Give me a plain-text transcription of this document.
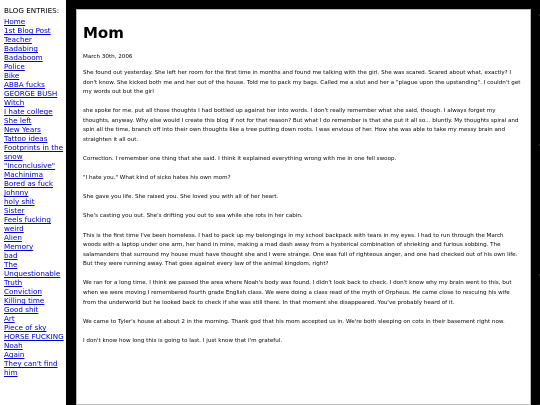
BLOG ENTRIES:
Home
1st Blog Post
Teacher
Badabing
Badaboom
Police
Bike
ABBA fucks
GEORGE BUSH
Witch
I hate college
She left
New Years
Tattoo ideas
Footprints in the snow
"Inconclusive"
Machinima
Bored as fuck
Johnny
holy shit
Sister
Feels fucking weird
Alien
Memory
bad
The Unquestionable Truth
Conviction
Killing time
Good shit
Art
Piece of sky
HORSE FUCKING
Noah
Again
They can't find him
Mom
March 30th, 2006

She found out yesterday. She left her room for the first time in months and found me talking with the girl. She was scared. Scared about what, exactly? I don't know. She kicked both me and her out of the house. Told me to pack my bags. Called me a slut and her a "plague upon the upstanding". I couldn't get my words out but the girl

she spoke for me. put all those thoughts I had bottled up against her into words. I don't really remember what she said, though. I always forget my thoughts, anyway. Why else would I create this blog if not for that reason? But what I do remember is that she put it all so... bluntly. My thoughts spiral and spin all the time, branch off into their own thoughts like a tree putting down roots. I was envious of her. How she was able to take my messy brain and straighten it all out.

Correction. I remember one thing that she said. I think it explained everything wrong with me in one fell swoop.

"I hate you." What kind of sicko hates his own mom?

She gave you life. She raised you. She loved you with all of her heart.

She's casting you out. She's drifting you out to sea while she rots in her cabin.

This is the first time I've been homeless. I had to pack up my belongings in my school backpack with tears in my eyes. I had to run through the March woods with a laptop under one arm, her hand in mine, making a mad dash away from a hysterical combination of shrieking and furious sobbing. The salamanders that surround my house must have thought she and I were strange. One was full of righteous anger, and one had checked out of his own life. But they were running away. That goes against every law of the animal kingdom, right?

We ran for a long time. I think we passed the area where Noah's body was found. I didn't look back to check. I don't know why my brain went to this, but when we were moving I remembered fourth grade English class. We were doing a class read of the myth of Orpheus. He came close to rescuing his wife from the underworld but he looked back to check if she was still there. In that moment she disappeared. You've probably heard of it.

We came to Tyler's house at about 2 in the morning. Thank god that his mom accepted us in. We're both sleeping on cots in their basement right now.

I don't know how long this is going to last. I just know that I'm grateful.
